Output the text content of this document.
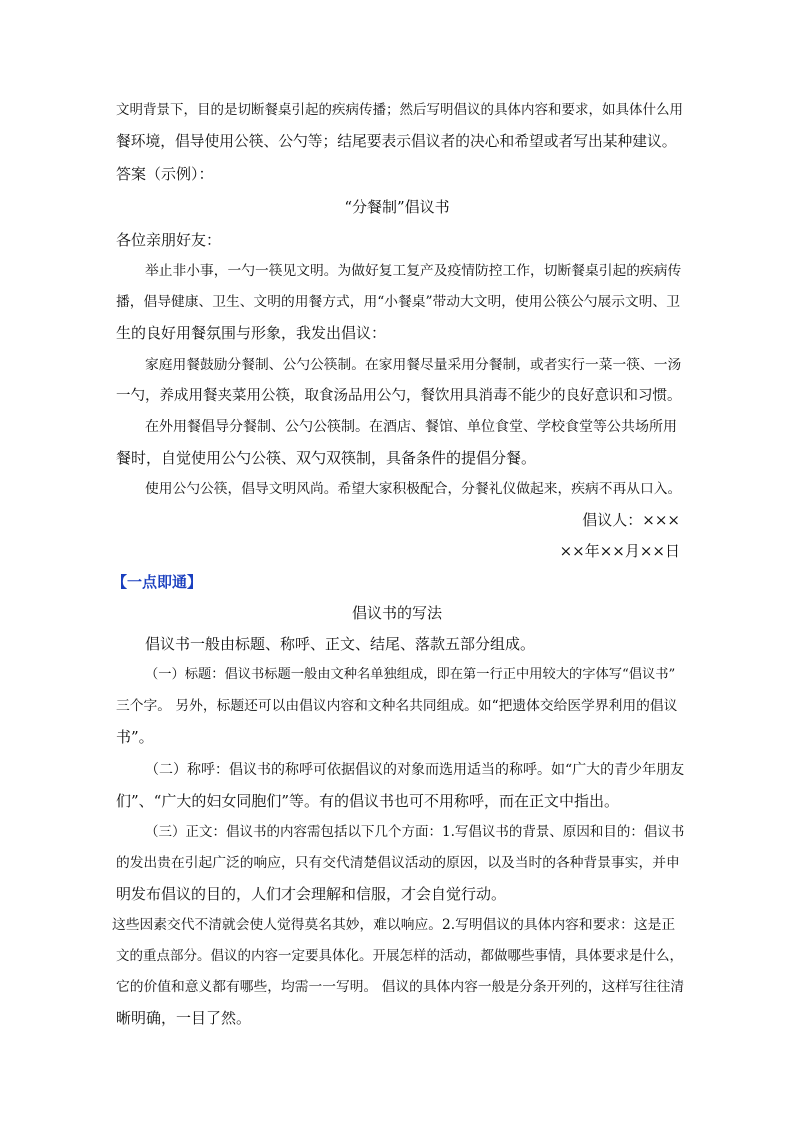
文明背景下，目的是切断餐桌引起的疾病传播；然后写明倡议的具体内容和要求，如具体什么用
餐环境，倡导使用公筷、公勺等；结尾要表示倡议者的决心和希望或者写出某种建议。
答案（示例）：
“分餐制”倡议书
各位亲朋好友：
举止非小事，一勺一筷见文明。为做好复工复产及疫情防控工作，切断餐桌引起的疾病传
播，倡导健康、卫生、文明的用餐方式，用“小餐桌”带动大文明，使用公筷公勺展示文明、卫
生的良好用餐氛围与形象，我发出倡议：
家庭用餐鼓励分餐制、公勺公筷制。在家用餐尽量采用分餐制，或者实行一菜一筷、一汤
一勺，养成用餐夹菜用公筷，取食汤品用公勺，餐饮用具消毒不能少的良好意识和习惯。
在外用餐倡导分餐制、公勺公筷制。在酒店、餐馆、单位食堂、学校食堂等公共场所用
餐时，自觉使用公勺公筷、双勺双筷制，具备条件的提倡分餐。
使用公勺公筷，倡导文明风尚。希望大家积极配合，分餐礼仪做起来，疾病不再从口入。
倡议人：×××
××年××月××日
【一点即通】
倡议书的写法
倡议书一般由标题、称呼、正文、结尾、落款五部分组成。
（一）标题：倡议书标题一般由文种名单独组成，即在第一行正中用较大的字体写“倡议书”
三个字。 另外，标题还可以由倡议内容和文种名共同组成。如“把遗体交给医学界利用的倡议
书”。
（二）称呼：倡议书的称呼可依据倡议的对象而选用适当的称呼。如“广大的青少年朋友
们”、“广大的妇女同胞们”等。有的倡议书也可不用称呼，而在正文中指出。
（三）正文：倡议书的内容需包括以下几个方面：1.写倡议书的背景、原因和目的：倡议书
的发出贵在引起广泛的响应，只有交代清楚倡议活动的原因，以及当时的各种背景事实，并申
明发布倡议的目的，人们才会理解和信服，才会自觉行动。
这些因素交代不清就会使人觉得莫名其妙，难以响应。2.写明倡议的具体内容和要求：这是正
文的重点部分。倡议的内容一定要具体化。开展怎样的活动，都做哪些事情，具体要求是什么，
它的价值和意义都有哪些，均需一一写明。 倡议的具体内容一般是分条开列的，这样写往往清
晰明确，一目了然。
